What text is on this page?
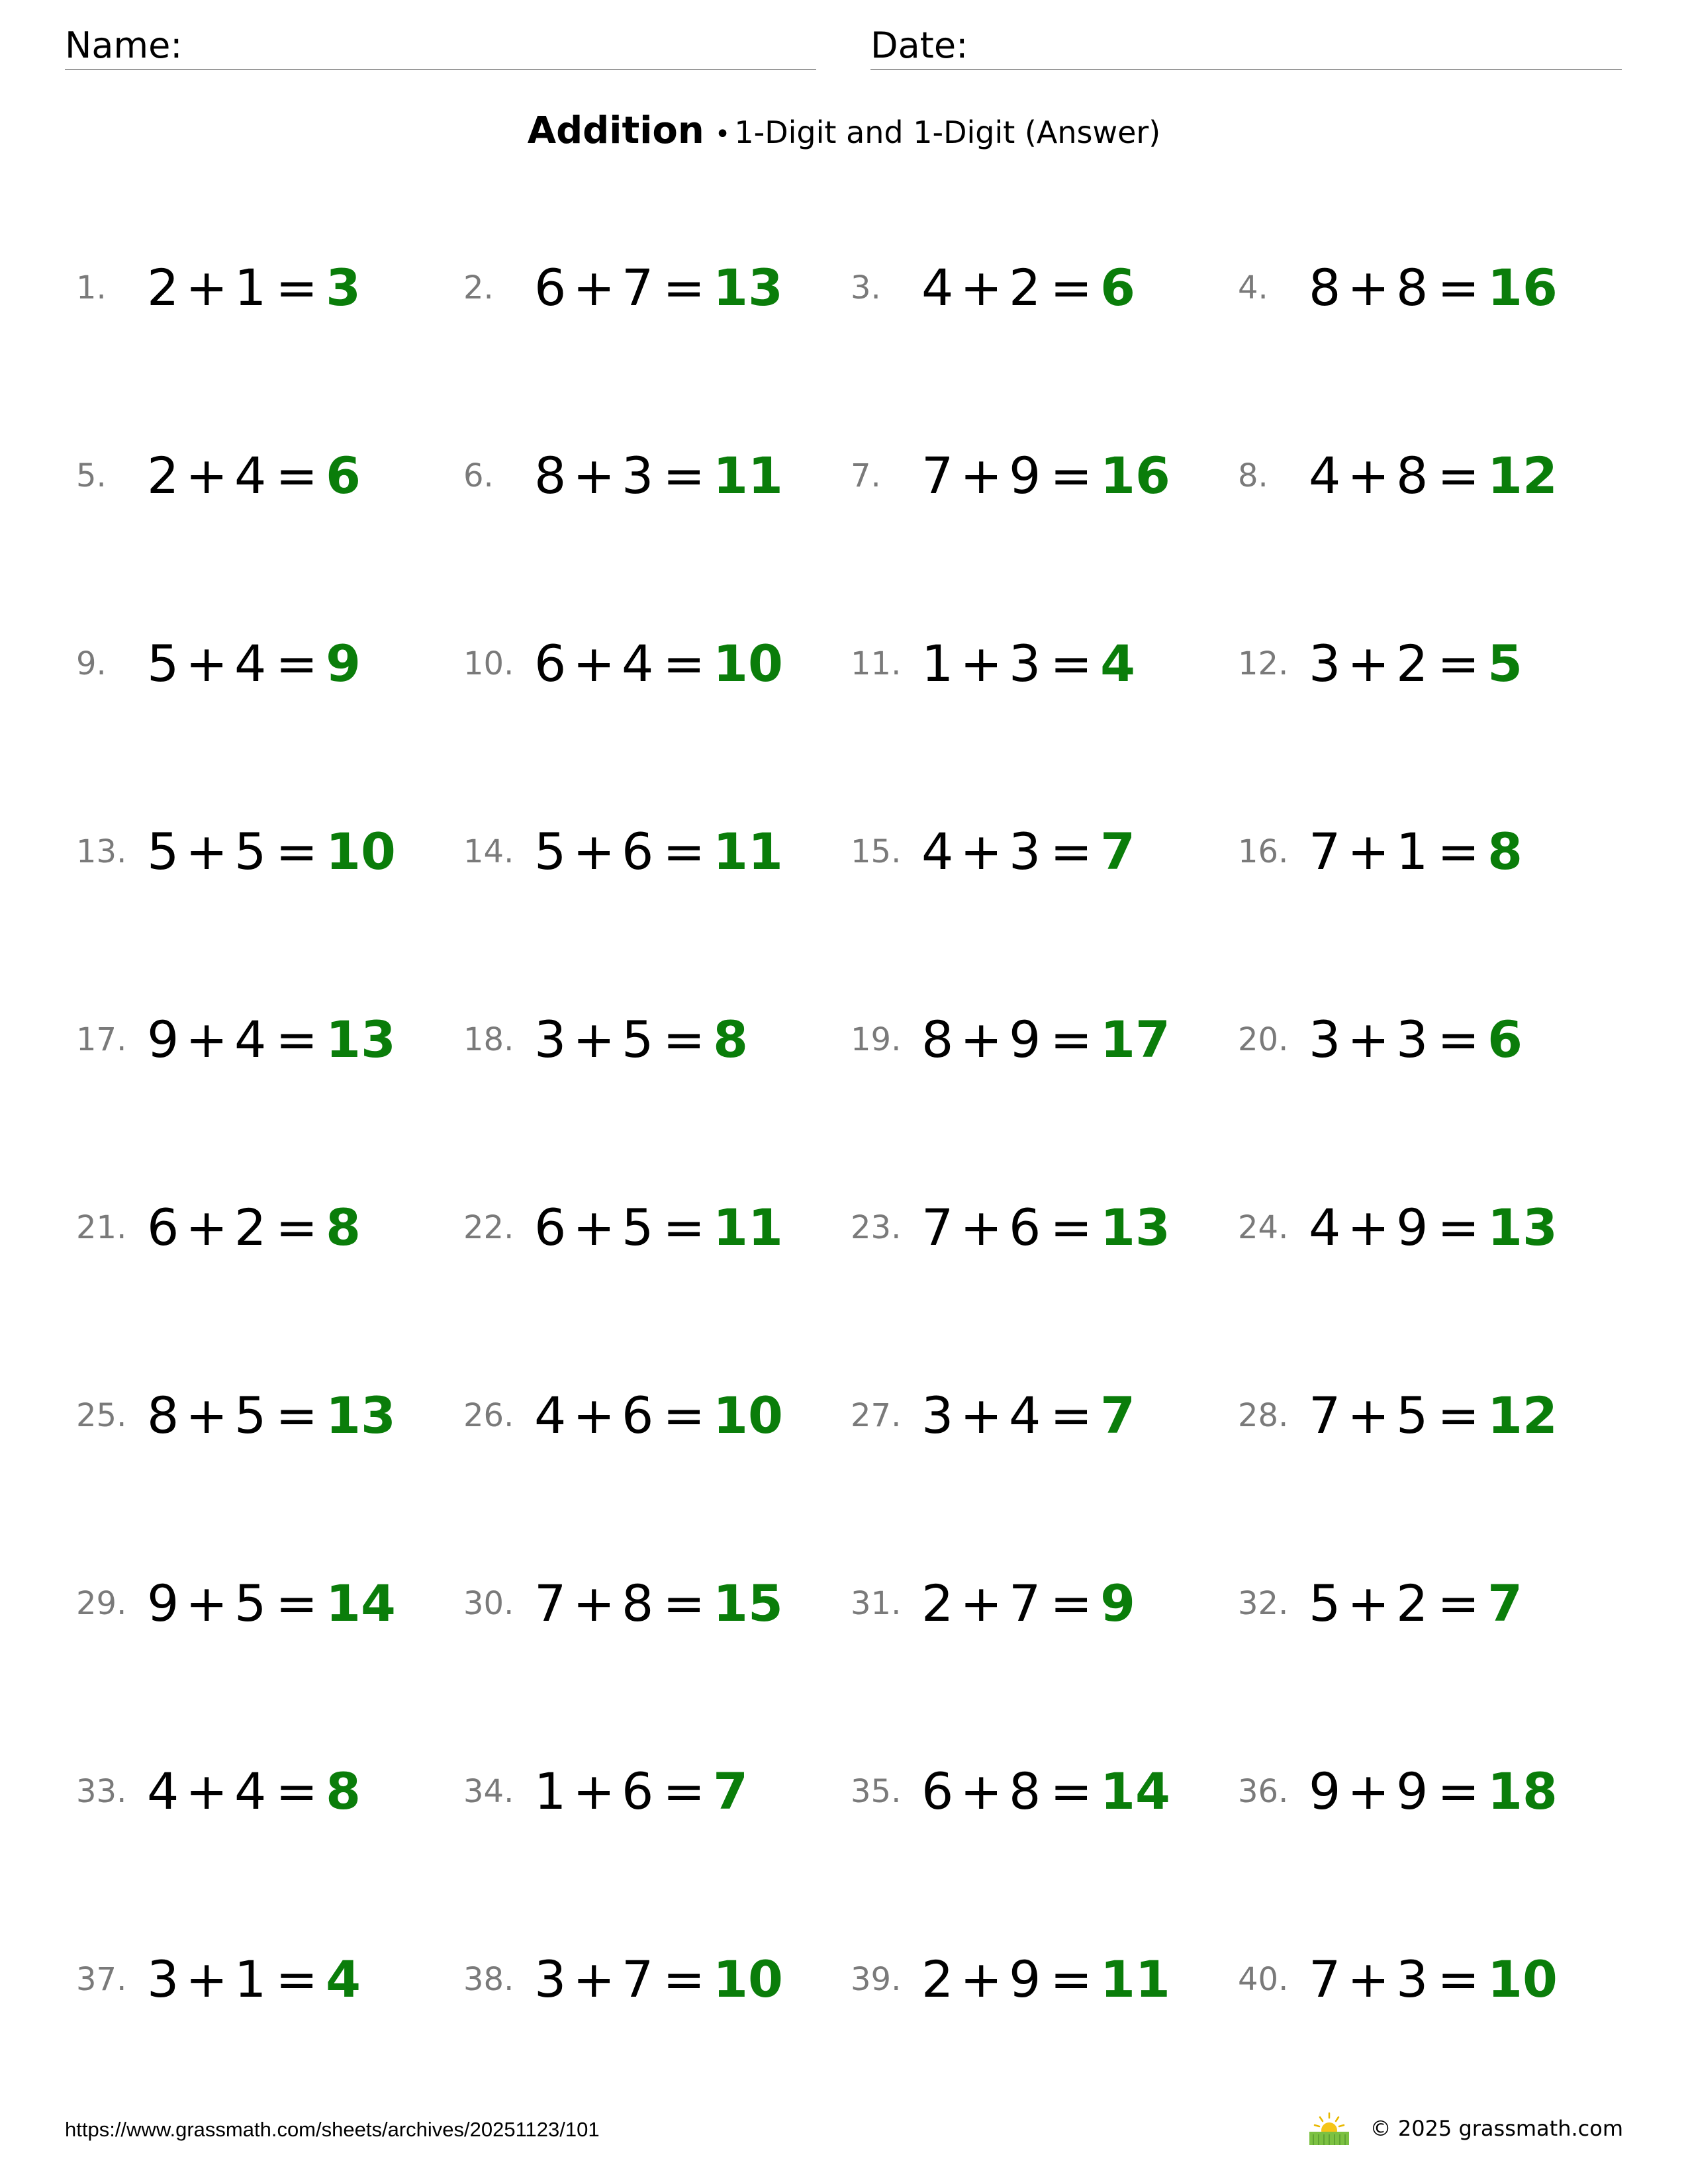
Name:	Date:
Addition • 1-Digit and 1-Digit (Answer)
1. 2 + 1 = 3	2. 6 + 7 = 13 3. 4 + 2 = 6	4. 8 + 8 = 16
5. 2 + 4 = 6	6. 8 + 3 = 11 7. 7 + 9 = 16 8. 4 + 8 = 12
9. 5 + 4 = 9	10. 6 + 4 = 10 11. 1 + 3 = 4	12. 3 + 2 = 5
13. 5 + 5 = 10 14. 5 + 6 = 11 15. 4 + 3 = 7	16. 7 + 1 = 8
17. 9 + 4 = 13 18. 3 + 5 = 8	19. 8 + 9 = 17 20. 3 + 3 = 6
21. 6 + 2 = 8	22. 6 + 5 = 11 23. 7 + 6 = 13 24. 4 + 9 = 13
25. 8 + 5 = 13 26. 4 + 6 = 10 27. 3 + 4 = 7	28. 7 + 5 = 12
29. 9 + 5 = 14 30. 7 + 8 = 15 31. 2 + 7 = 9	32. 5 + 2 = 7
33. 4 + 4 = 8	34. 1 + 6 = 7	35. 6 + 8 = 14 36. 9 + 9 = 18
37. 3 + 1 = 4	38. 3 + 7 = 10 39. 2 + 9 = 11 40. 7 + 3 = 10
https://www.grassmath.com/sheets/archives/20251123/101	© 2025 grassmath.com
